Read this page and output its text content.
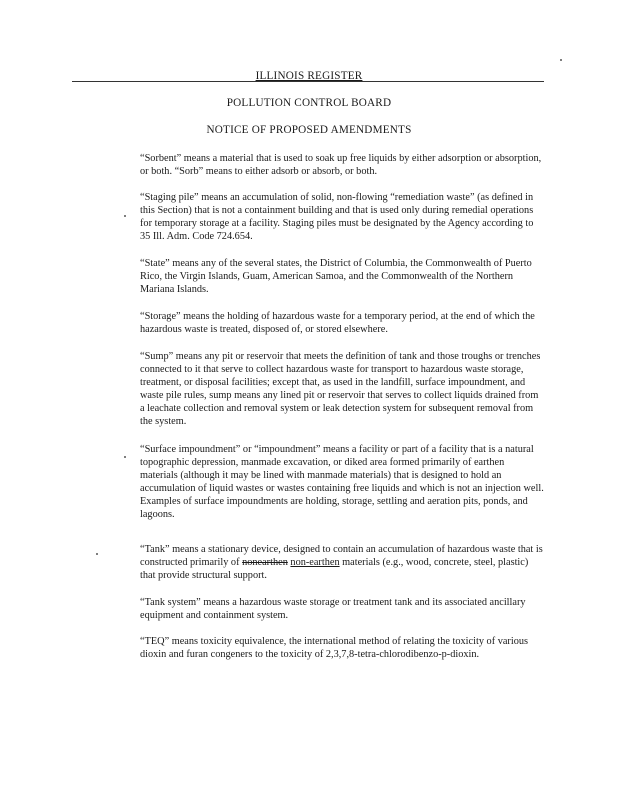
ILLINOIS REGISTER
POLLUTION CONTROL BOARD
NOTICE OF PROPOSED AMENDMENTS

“Sorbent” means a material that is used to soak up free liquids by either adsorption or absorption, or both. “Sorb” means to either adsorb or absorb, or both.

“Staging pile” means an accumulation of solid, non-flowing “remediation waste” (as defined in this Section) that is not a containment building and that is used only during remedial operations for temporary storage at a facility. Staging piles must be designated by the Agency according to 35 Ill. Adm. Code 724.654.

“State” means any of the several states, the District of Columbia, the Commonwealth of Puerto Rico, the Virgin Islands, Guam, American Samoa, and the Commonwealth of the Northern Mariana Islands.

“Storage” means the holding of hazardous waste for a temporary period, at the end of which the hazardous waste is treated, disposed of, or stored elsewhere.

“Sump” means any pit or reservoir that meets the definition of tank and those troughs or trenches connected to it that serve to collect hazardous waste for transport to hazardous waste storage, treatment, or disposal facilities; except that, as used in the landfill, surface impoundment, and waste pile rules, sump means any lined pit or reservoir that serves to collect liquids drained from a leachate collection and removal system or leak detection system for subsequent removal from the system.

“Surface impoundment” or “impoundment” means a facility or part of a facility that is a natural topographic depression, manmade excavation, or diked area formed primarily of earthen materials (although it may be lined with manmade materials) that is designed to hold an accumulation of liquid wastes or wastes containing free liquids and which is not an injection well. Examples of surface impoundments are holding, storage, settling and aeration pits, ponds, and lagoons.

“Tank” means a stationary device, designed to contain an accumulation of hazardous waste that is constructed primarily of nonearthen non-earthen materials (e.g., wood, concrete, steel, plastic) that provide structural support.

“Tank system” means a hazardous waste storage or treatment tank and its associated ancillary equipment and containment system.

“TEQ” means toxicity equivalence, the international method of relating the toxicity of various dioxin and furan congeners to the toxicity of 2,3,7,8-tetra-chlorodibenzo-p-dioxin.
